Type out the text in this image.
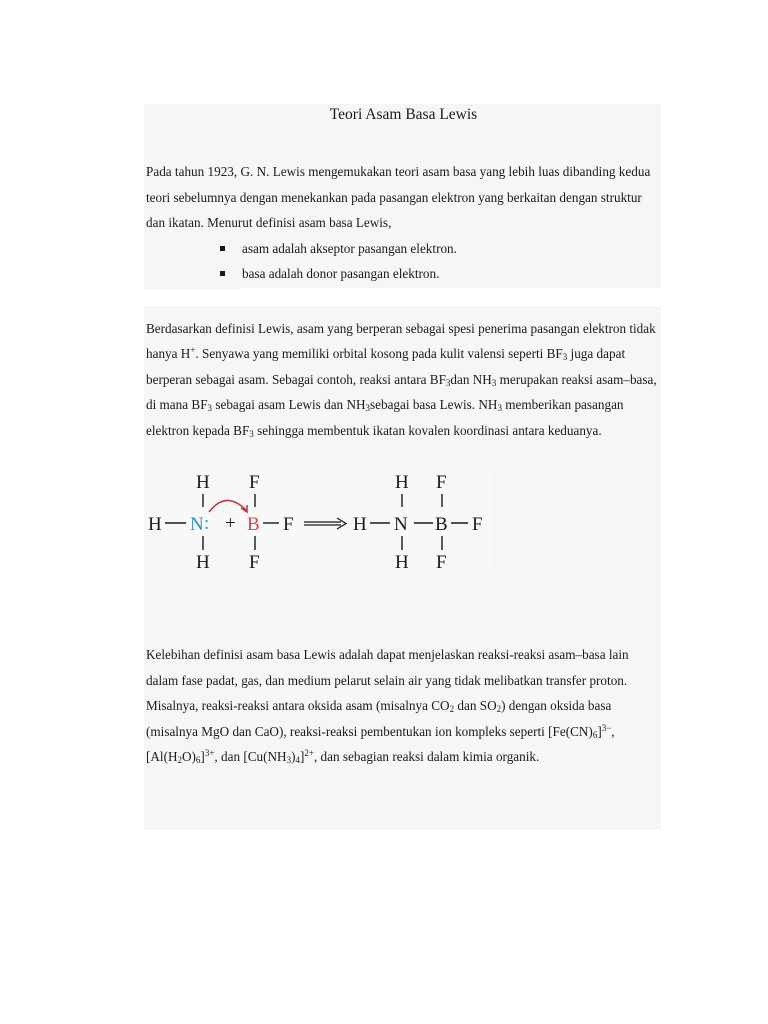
Teori Asam Basa Lewis

Pada tahun 1923, G. N. Lewis mengemukakan teori asam basa yang lebih luas dibanding kedua teori sebelumnya dengan menekankan pada pasangan elektron yang berkaitan dengan struktur dan ikatan. Menurut definisi asam basa Lewis,

asam adalah akseptor pasangan elektron.
basa adalah donor pasangan elektron.

Berdasarkan definisi Lewis, asam yang berperan sebagai spesi penerima pasangan elektron tidak hanya H+. Senyawa yang memiliki orbital kosong pada kulit valensi seperti $BF_3$ juga dapat berperan sebagai asam. Sebagai contoh, reaksi antara $BF_3dan$ $NH_3$ merupakan reaksi asam–basa, di mana $BF_3$ sebagai asam Lewis dan $NH_3sebagai$ basa Lewis. $NH_3$ memberikan pasangan elektron kepada $BF_3$ sehingga membentuk ikatan kovalen koordinasi antara keduanya.

H
H N :
H
+
F
B F
F
H
H
N
H
B
F
F
F

Kelebihan definisi asam basa Lewis adalah dapat menjelaskan reaksi-reaksi asam–basa lain dalam fase padat, gas, dan medium pelarut selain air yang tidak melibatkan transfer proton. Misalnya, reaksi-reaksi antara oksida asam (misalnya $CO_2$ dan $SO_2$) dengan oksida basa (misalnya MgO dan CaO), reaksi-reaksi pembentukan ion kompleks seperti $[Fe(CN)_6]^{3-}$, $[Al(H_2O)_6]^{3+}$, dan $[Cu(NH_3)_4]^{2+}$, dan sebagian reaksi dalam kimia organik.
